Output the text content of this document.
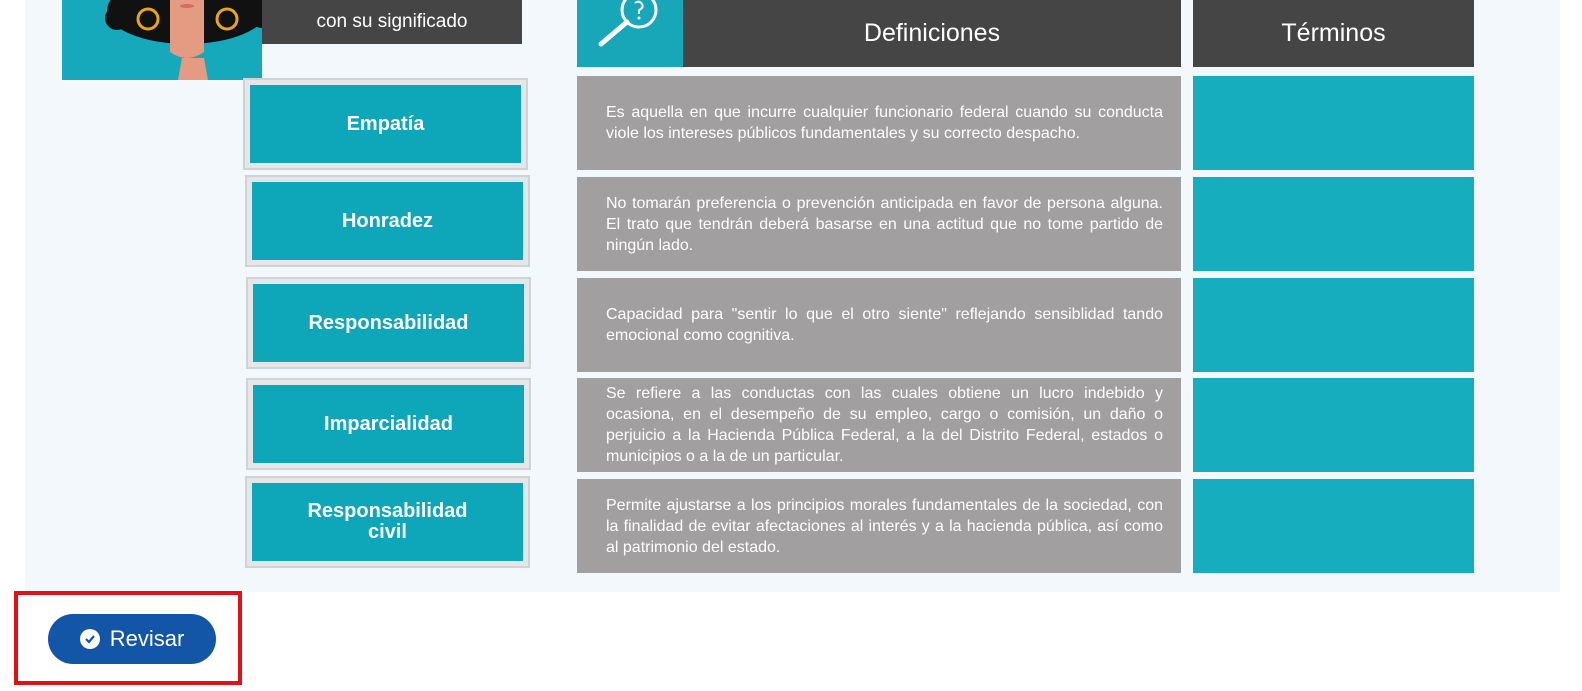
con su significado	Definiciones	Términos
Empatía
Honradez
Responsabilidad
Imparcialidad
Responsabilidad civil
Es aquella en que incurre cualquier funcionario federal cuando su conducta viole los intereses públicos fundamentales y su correcto despacho.
No tomarán preferencia o prevención anticipada en favor de persona alguna. El trato que tendrán deberá basarse en una actitud que no tome partido de ningún lado.
Capacidad para "sentir lo que el otro siente" reflejando sensiblidad tando emocional como cognitiva.
Se refiere a las conductas con las cuales obtiene un lucro indebido y ocasiona, en el desempeño de su empleo, cargo o comisión, un daño o perjuicio a la Hacienda Pública Federal, a la del Distrito Federal, estados o municipios o a la de un particular.
Permite ajustarse a los principios morales fundamentales de la sociedad, con la finalidad de evitar afectaciones al interés y a la hacienda pública, así como al patrimonio del estado.
Revisar
